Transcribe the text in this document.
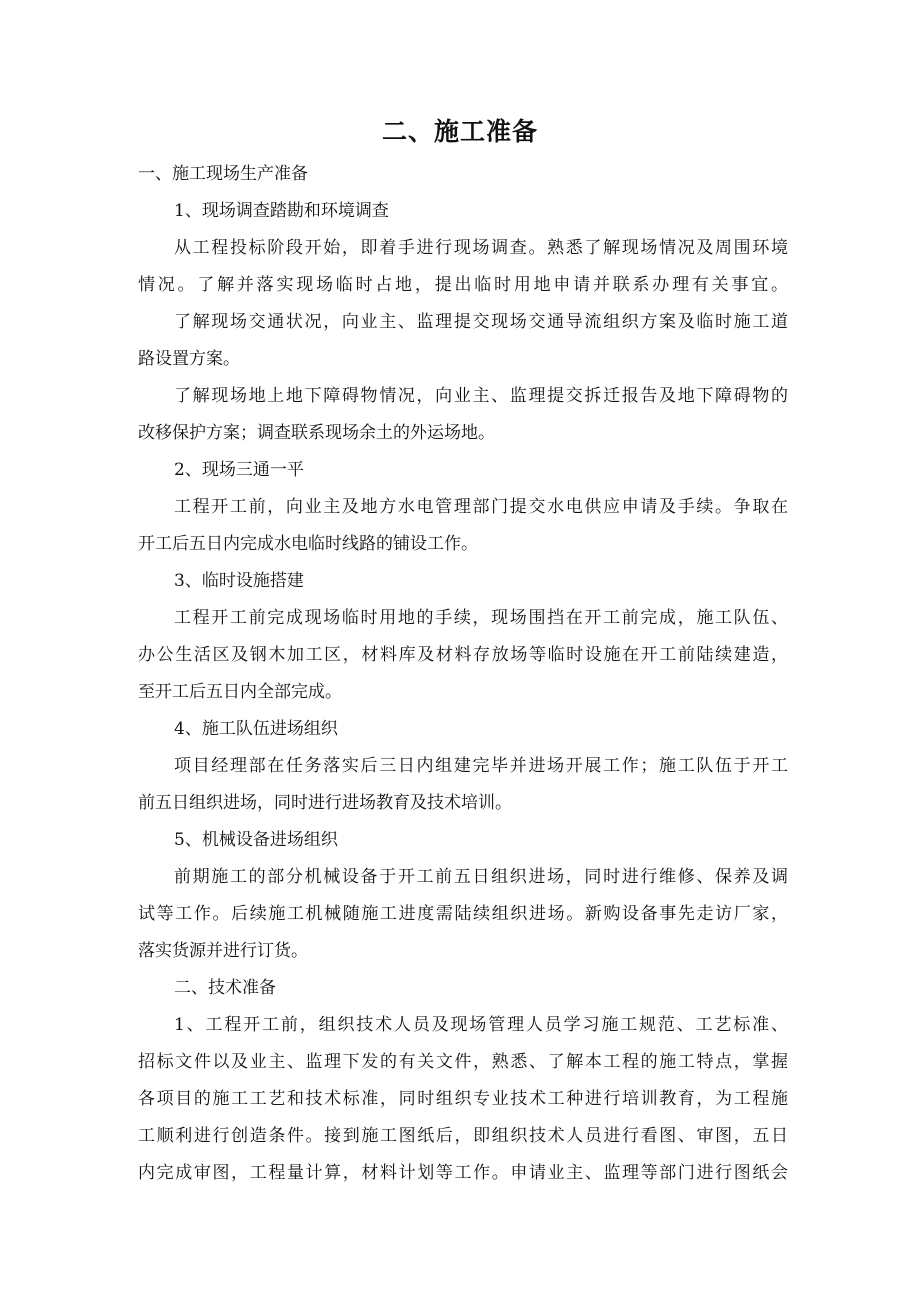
二、施工准备
一、施工现场生产准备
1、现场调查踏勘和环境调查
从工程投标阶段开始，即着手进行现场调查。熟悉了解现场情况及周围环境
情况。了解并落实现场临时占地，提出临时用地申请并联系办理有关事宜。
了解现场交通状况，向业主、监理提交现场交通导流组织方案及临时施工道
路设置方案。
了解现场地上地下障碍物情况，向业主、监理提交拆迁报告及地下障碍物的
改移保护方案；调查联系现场余土的外运场地。
2、现场三通一平
工程开工前，向业主及地方水电管理部门提交水电供应申请及手续。争取在
开工后五日内完成水电临时线路的铺设工作。
3、临时设施搭建
工程开工前完成现场临时用地的手续，现场围挡在开工前完成，施工队伍、
办公生活区及钢木加工区，材料库及材料存放场等临时设施在开工前陆续建造，
至开工后五日内全部完成。
4、施工队伍进场组织
项目经理部在任务落实后三日内组建完毕并进场开展工作；施工队伍于开工
前五日组织进场，同时进行进场教育及技术培训。
5、机械设备进场组织
前期施工的部分机械设备于开工前五日组织进场，同时进行维修、保养及调
试等工作。后续施工机械随施工进度需陆续组织进场。新购设备事先走访厂家，
落实货源并进行订货。
二、技术准备
1、工程开工前，组织技术人员及现场管理人员学习施工规范、工艺标准、
招标文件以及业主、监理下发的有关文件，熟悉、了解本工程的施工特点，掌握
各项目的施工工艺和技术标准，同时组织专业技术工种进行培训教育，为工程施
工顺利进行创造条件。接到施工图纸后，即组织技术人员进行看图、审图，五日
内完成审图，工程量计算，材料计划等工作。申请业主、监理等部门进行图纸会
